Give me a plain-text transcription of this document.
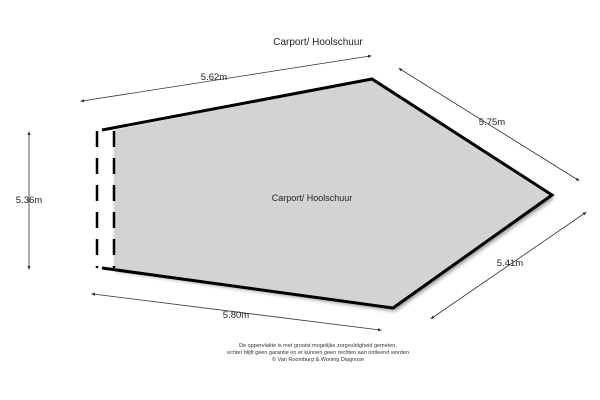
Carport/ Hoolschuur
Carport/ Hoolschuur
5.62m
5.75m
5.41m
5.80m
5.36m
De oppervlakte is met grootst mogelijke zorgvuldigheid gemeten,
echter blijft geen garantie en er kunnen geen rechten aan ontleend worden
© Van Roomburg & Woning Diagnose
